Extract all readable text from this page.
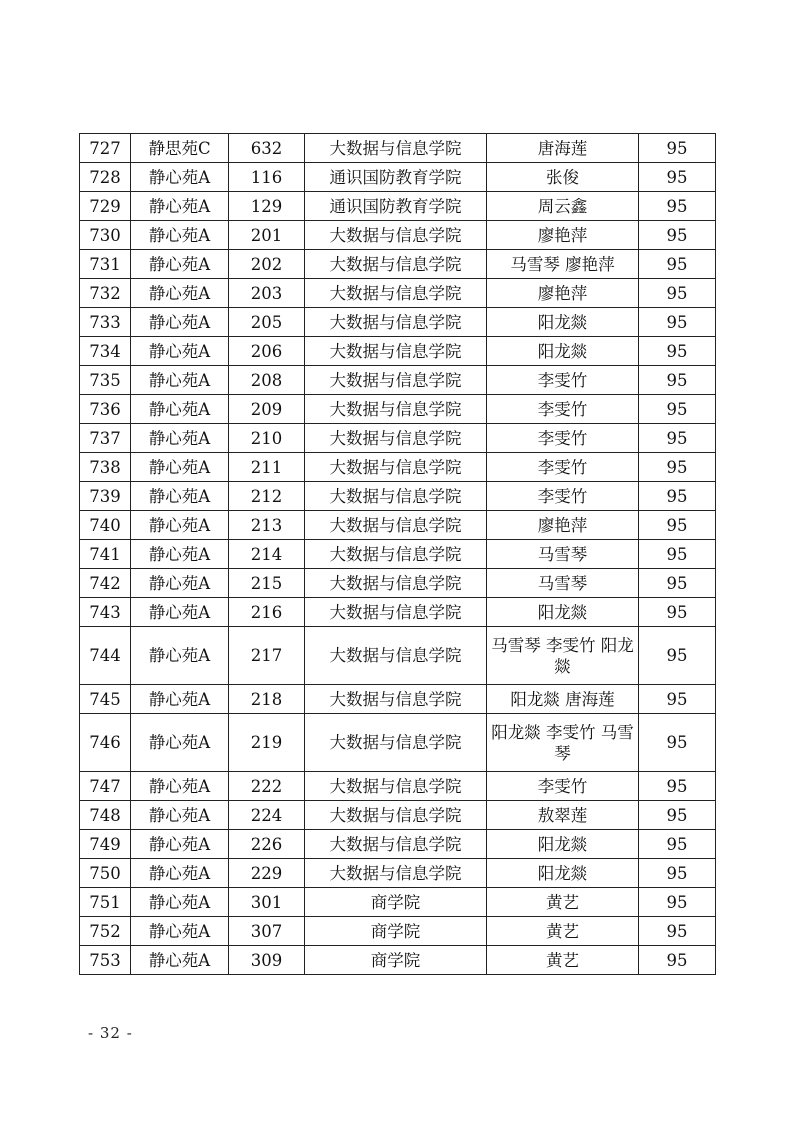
727	静思苑C	632	大数据与信息学院	唐海莲	95
728	静心苑A	116	通识国防教育学院	张俊	95
729	静心苑A	129	通识国防教育学院	周云鑫	95
730	静心苑A	201	大数据与信息学院	廖艳萍	95
731	静心苑A	202	大数据与信息学院	马雪琴 廖艳萍	95
732	静心苑A	203	大数据与信息学院	廖艳萍	95
733	静心苑A	205	大数据与信息学院	阳龙燚	95
734	静心苑A	206	大数据与信息学院	阳龙燚	95
735	静心苑A	208	大数据与信息学院	李雯竹	95
736	静心苑A	209	大数据与信息学院	李雯竹	95
737	静心苑A	210	大数据与信息学院	李雯竹	95
738	静心苑A	211	大数据与信息学院	李雯竹	95
739	静心苑A	212	大数据与信息学院	李雯竹	95
740	静心苑A	213	大数据与信息学院	廖艳萍	95
741	静心苑A	214	大数据与信息学院	马雪琴	95
742	静心苑A	215	大数据与信息学院	马雪琴	95
743	静心苑A	216	大数据与信息学院	阳龙燚	95
744	静心苑A	217	大数据与信息学院	马雪琴 李雯竹 阳龙燚	95
745	静心苑A	218	大数据与信息学院	阳龙燚 唐海莲	95
746	静心苑A	219	大数据与信息学院	阳龙燚 李雯竹 马雪琴	95
747	静心苑A	222	大数据与信息学院	李雯竹	95
748	静心苑A	224	大数据与信息学院	敖翠莲	95
749	静心苑A	226	大数据与信息学院	阳龙燚	95
750	静心苑A	229	大数据与信息学院	阳龙燚	95
751	静心苑A	301	商学院	黄艺	95
752	静心苑A	307	商学院	黄艺	95
753	静心苑A	309	商学院	黄艺	95
- 32 -
